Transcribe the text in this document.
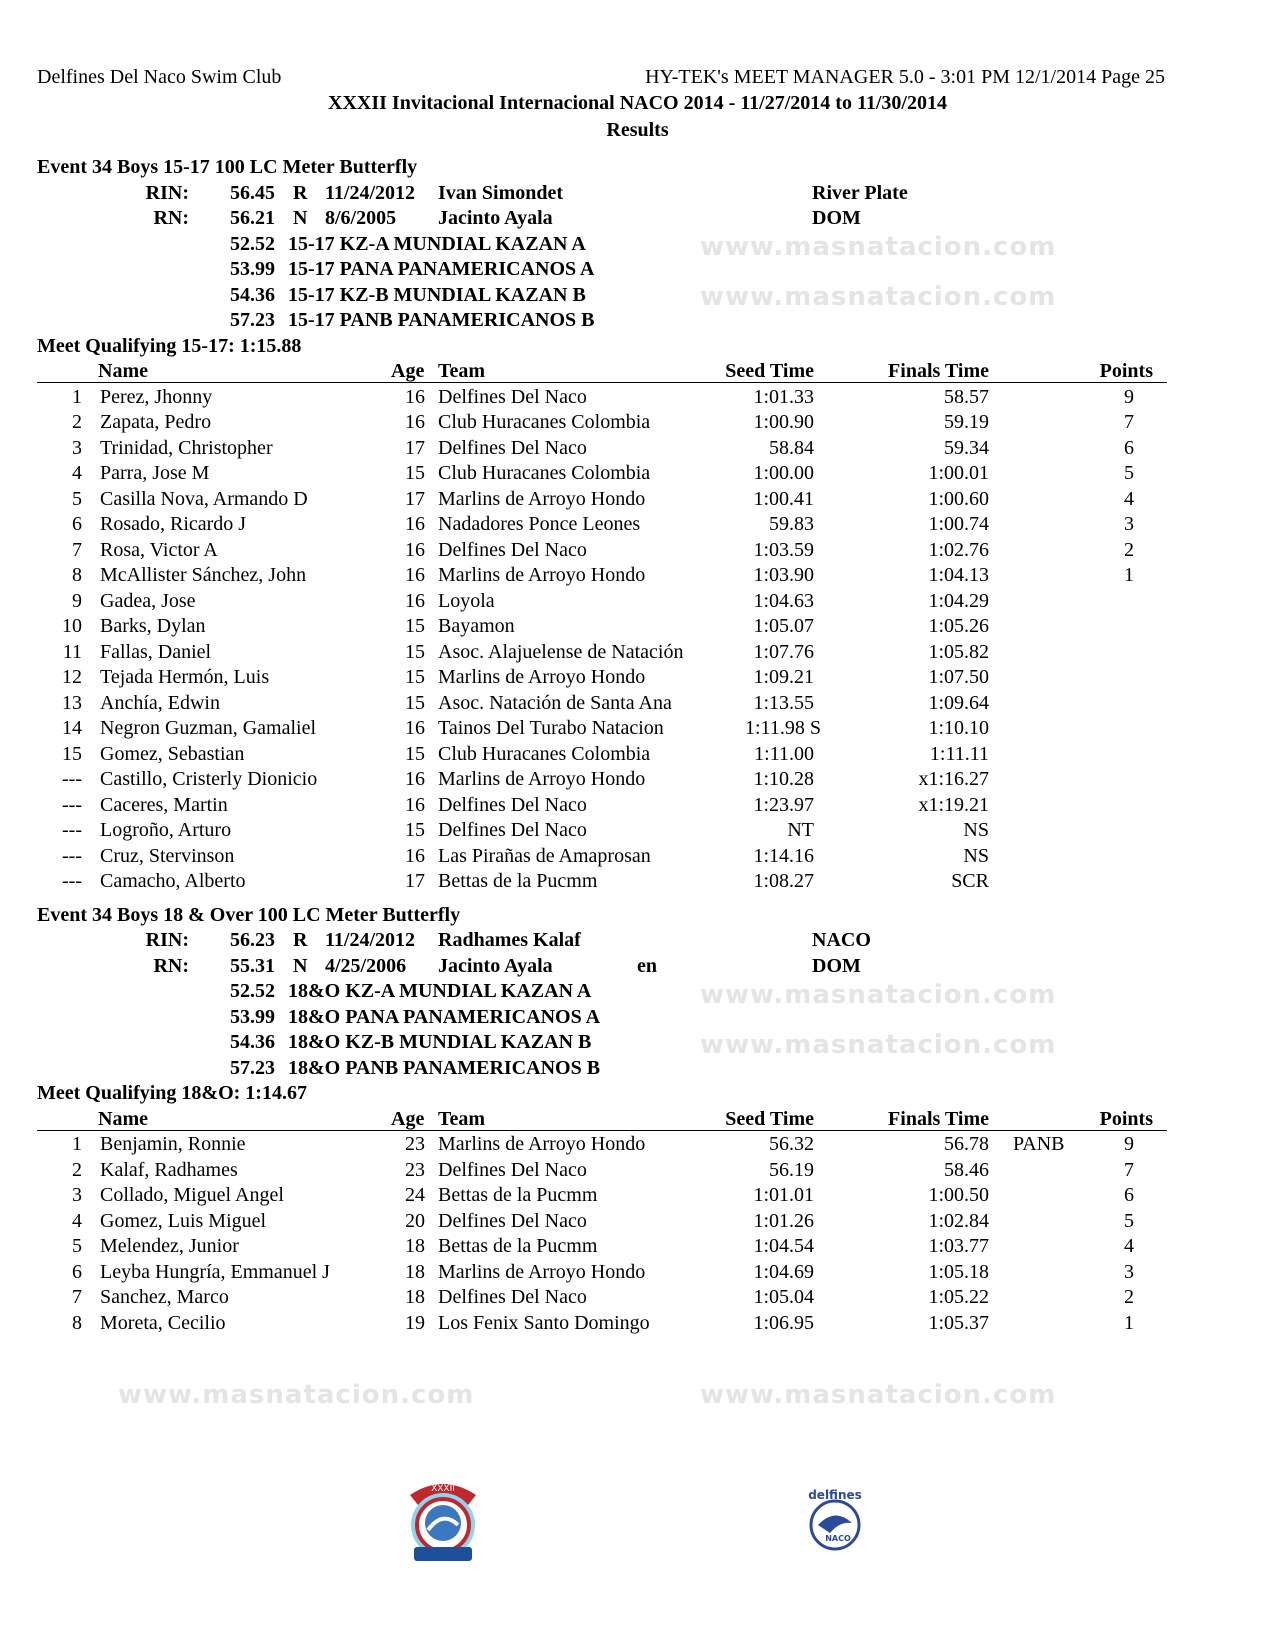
Delfines Del Naco Swim Club	HY-TEK's MEET MANAGER 5.0 - 3:01 PM 12/1/2014 Page 25
XXXII Invitacional Internacional NACO 2014 - 11/27/2014 to 11/30/2014
Results
www.masnatacion.com
www.masnatacion.com
www.masnatacion.com
www.masnatacion.com
www.masnatacion.com	www.masnatacion.com
Event 34 Boys 15-17 100 LC Meter Butterfly
RIN: 56.45 R 11/24/2012 Ivan Simondet	River Plate
RN: 56.21 N 8/6/2005 Jacinto Ayala	DOM
52.52 15-17 KZ-A MUNDIAL KAZAN A
53.99 15-17 PANA PANAMERICANOS A
54.36 15-17 KZ-B MUNDIAL KAZAN B
57.23 15-17 PANB PANAMERICANOS B
Meet Qualifying 15-17: 1:15.88
Name	Age Team	Seed Time	Finals Time	Points
1 Perez, Jhonny	16 Delfines Del Naco	1:01.33	58.57	9
2 Zapata, Pedro	16 Club Huracanes Colombia	1:00.90	59.19	7
3 Trinidad, Christopher	17 Delfines Del Naco	58.84	59.34	6
4 Parra, Jose M	15 Club Huracanes Colombia	1:00.00	1:00.01	5
5 Casilla Nova, Armando D	17 Marlins de Arroyo Hondo	1:00.41	1:00.60	4
6 Rosado, Ricardo J	16 Nadadores Ponce Leones	59.83	1:00.74	3
7 Rosa, Victor A	16 Delfines Del Naco	1:03.59	1:02.76	2
8 McAllister Sánchez, John	16 Marlins de Arroyo Hondo	1:03.90	1:04.13	1
9 Gadea, Jose	16 Loyola	1:04.63	1:04.29
10 Barks, Dylan	15 Bayamon	1:05.07	1:05.26
11 Fallas, Daniel	15 Asoc. Alajuelense de Natación	1:07.76	1:05.82
12 Tejada Hermón, Luis	15 Marlins de Arroyo Hondo	1:09.21	1:07.50
13 Anchía, Edwin	15 Asoc. Natación de Santa Ana	1:13.55	1:09.64
14 Negron Guzman, Gamaliel	16 Tainos Del Turabo Natacion	1:11.98 S	1:10.10
15 Gomez, Sebastian	15 Club Huracanes Colombia	1:11.00	1:11.11
--- Castillo, Cristerly Dionicio	16 Marlins de Arroyo Hondo	1:10.28	x1:16.27
--- Caceres, Martin	16 Delfines Del Naco	1:23.97	x1:19.21
--- Logroño, Arturo	15 Delfines Del Naco	NT	NS
--- Cruz, Stervinson	16 Las Pirañas de Amaprosan	1:14.16	NS
--- Camacho, Alberto	17 Bettas de la Pucmm	1:08.27	SCR
Event 34 Boys 18 & Over 100 LC Meter Butterfly
RIN: 56.23 R 11/24/2012 Radhames Kalaf	NACO
RN: 55.31 N 4/25/2006 Jacinto Ayala	en	DOM
52.52 18&O KZ-A MUNDIAL KAZAN A
53.99 18&O PANA PANAMERICANOS A
54.36 18&O KZ-B MUNDIAL KAZAN B
57.23 18&O PANB PANAMERICANOS B
Meet Qualifying 18&O: 1:14.67
Name	Age Team	Seed Time	Finals Time	Points
1 Benjamin, Ronnie	23 Marlins de Arroyo Hondo	56.32	56.78 PANB	9
2 Kalaf, Radhames	23 Delfines Del Naco	56.19	58.46	7
3 Collado, Miguel Angel	24 Bettas de la Pucmm	1:01.01	1:00.50	6
4 Gomez, Luis Miguel	20 Delfines Del Naco	1:01.26	1:02.84	5
5 Melendez, Junior	18 Bettas de la Pucmm	1:04.54	1:03.77	4
6 Leyba Hungría, Emmanuel J	18 Marlins de Arroyo Hondo	1:04.69	1:05.18	3
7 Sanchez, Marco	18 Delfines Del Naco	1:05.04	1:05.22	2
8 Moreta, Cecilio	19 Los Fenix Santo Domingo	1:06.95	1:05.37	1
XXXII	delfines
NACO
